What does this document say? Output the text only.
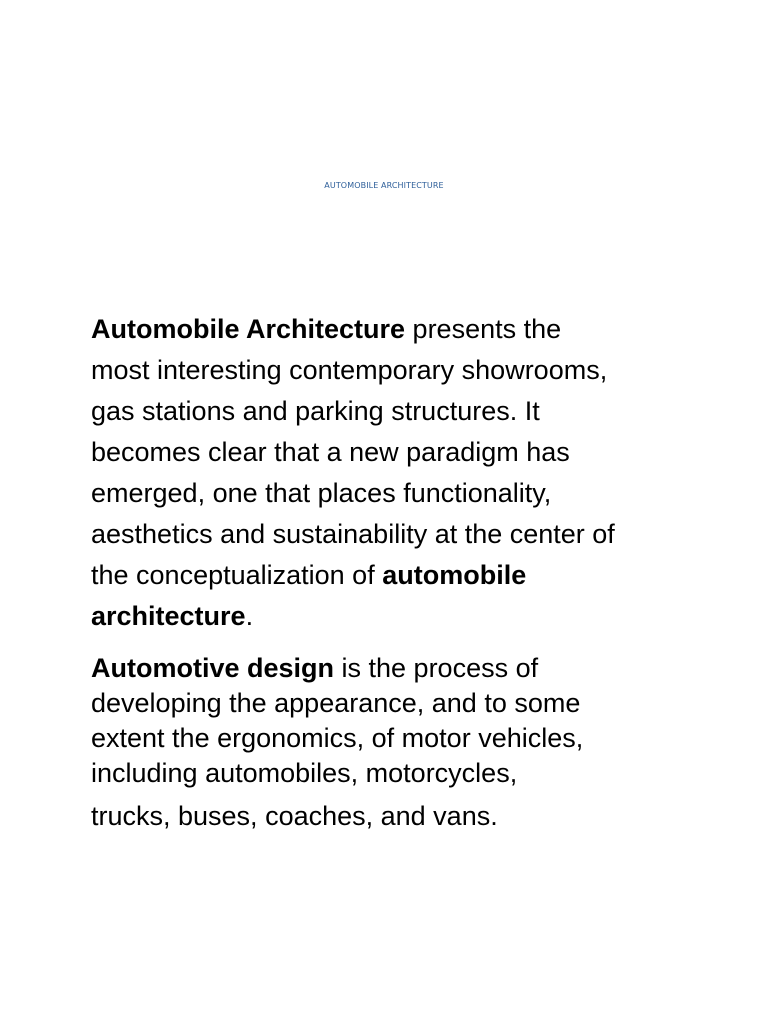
AUTOMOBILE ARCHITECTURE

Automobile Architecture presents the
most interesting contemporary showrooms,
gas stations and parking structures. It
becomes clear that a new paradigm has
emerged, one that places functionality,
aesthetics and sustainability at the center of
the conceptualization of automobile
architecture.

Automotive design is the process of
developing the appearance, and to some
extent the ergonomics, of motor vehicles,
including automobiles, motorcycles,

trucks, buses, coaches, and vans.
